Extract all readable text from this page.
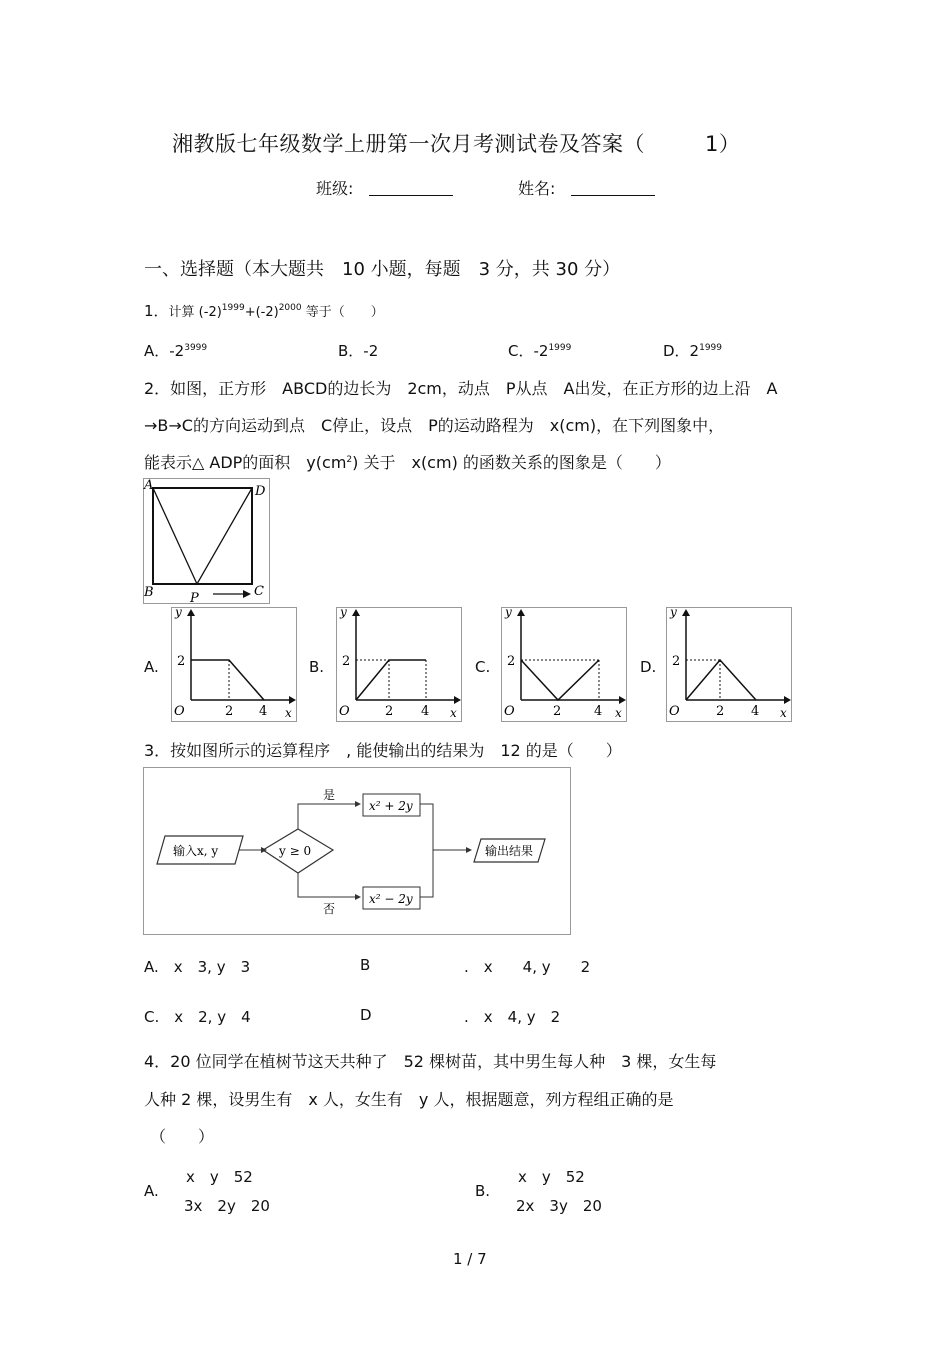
湘教版七年级数学上册第一次月考测试卷及答案（	1）
班级:	姓名:
一、选择题（本大题共　10 小题，每题　3 分，共 30 分）
1．计算 $(-2)^{1999}+(-2)^{2000}$ 等于（　　）
A．$-2^{3999}$	B．-2	C．$-2^{1999}$	D．$2^{1999}$
2．如图，正方形　ABCD的边长为　2cm，动点　P从点　A出发，在正方形的边上沿　A
→B→C的方向运动到点　C停止，设点　P的运动路程为　x(cm)，在下列图象中，
能表示△ ADP的面积　$y(cm^2)$ 关于　x(cm) 的函数关系的图象是（　　）
A	D
B	C
P
A.	B.	C.	D.
y
2
O	2 4 x
y
2
O	2 4 x
y
2
O	2	4 x
y
2
O	2 4 x
3．按如图所示的运算程序　, 能使输出的结果为　12 的是（　　）
输入x, y	y ≥ 0
是
x² + 2y
否
x² − 2y
输出结果
A.　x　3, y　3	B	.　x　　4, y　　2
C.　x　2, y　4	D	.　x　4, y　2
4．20 位同学在植树节这天共种了　52 棵树苗，其中男生每人种　3 棵，女生每
人种 2 棵，设男生有　x 人，女生有　y 人，根据题意，列方程组正确的是
（　　）
A.
x　y　52
3x　2y　20
B.
x　y　52
2x　3y　20
1 / 7
